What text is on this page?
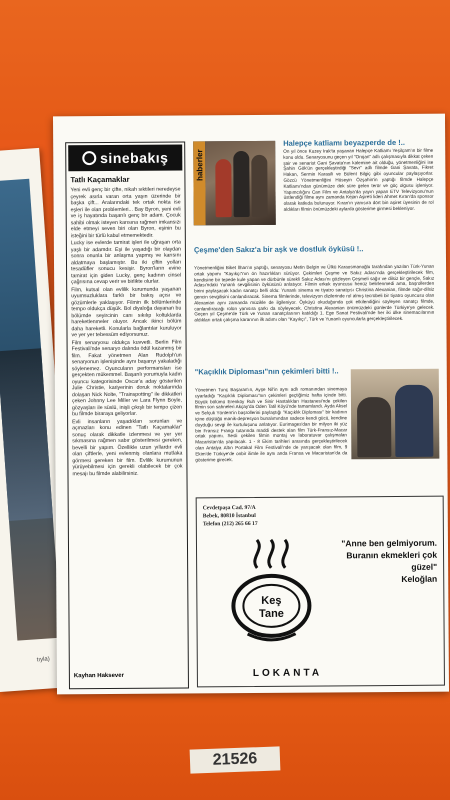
tıyla)
sinebakış
Tatlı Kaçamaklar

Yeni evli genç bir çifte, nikah sıktileri neredeyse çeyrek asırla varan orta yaşın üzerinde bir başka çift... Aralarındaki tek ortak nokta ise eşleri ile olan problemleri... Bay Byron, yeni evli ve iş hayatında başarılı genç bir adam. Çocuk sahibi olmak isteyen karısına rağmen imkansızı elde etmeyi seven biri olan Byron, eşinin bu isteğini bir türlü kabul etmemektedir.

Lucky ise evlerde tamirat işleri ile uğraşan orta yaşlı bir adamdır. Eşi ile yaşadığı bir olaydan sonra onunla bir anlaşma yapmış ve karısını aldatmaya başlamıştır. Bu iki çiftin yolları tesadüfler sonucu kesişir. Byron'ların evine tamirat için giden Lucky, genç kadının cinsel çağrısına cevap verir ve birlikte olurlar.

Film, kutsal olan evlilik kurumunda yaşanan uyumsuzluklara farklı bir bakış açısı ve gözümlerle yaklaşıyor. Filmin ilk bölümlerinde tempo oldukça düşük. Bol diyaloğa dayanan bu bölümde seyircinin canı sıkılıp koltuklarda hareketlenmeler oluyor. Ancak ikinci bölüm daha hareketli. Konularla bağlantılar kuruluyor ve yer yer tebessüm ediyorsunuz.

Film senaryosu oldukça kuvvetli. Berlin Film Festivali'nde senaryo dalında ödül kazanmış bir film. Fakat yönetmen Alan Rudolph'un senaryonun işlenişinde aynı başarıyı yakaladığı söylenemez. Oyuncuların performansları ise gerçekten mükemmel. Başarılı yorumuyla kadın oyuncu kategorisinde Oscar'a aday gösterilen Julie Christie, kariyerinin doruk noktalarında dolaşan Nick Nolte, "Trainspotting" ile dikkatleri çeken Johnny Lee Miller ve Lara Flynn Boyle, gözyaşları ile süslü, inişli çıkışlı bir tempo çizen bu filmde biraraya geliyorlar.

Evli insanların yaşadıkları sorunları ve açmazları konu edinen "Tatlı Kaçamaklar" sonuç olarak dikkatle izlenmesi ve yer yer sıkmasına rağmen sabır gösterilmesi gereken, bevelli bir yapım. Özellikle uzun yıllardır evli olan çiftlerle, yeni evlenmiş olanlara mutlaka görmesi gereken bir film. Evlilik kurumunun yürüyebilmesi için gerekli olabilecek bir çok mesajı bu filmde alabilirsiniz.

Kayhan Haksever
haberler
Halepçe katliamı beyazperde de !..
On yıl önce Kuzey Irak'ta yaşanan Halepçe Katliamı Yeşilçam'ın bir filme konu oldu. Senaryosunu geçen yıl "Orojan" adlı çalışmasıyla dikkat çeken şair ve senarist Gani Şavata'nın kalemine ait olduğu, yönetmenliğini ise Şahin Gök'ün gerçekleştirdiği "Sevr" adlı filmde Gani Şavata, Fikret Hakan, Sermin Karasili ve Bülent Bilgiç gibi oyuncular paylaşıyorlar. Gözcü Yönetmenliğini Hüseyin Özşahin'in yaptığı filmde Halepçe Katliamı'ndan günümüze dek süre gelen terör ve göç olgusu işleniyor. Yapımcılığını Can Film ve Antalya'da yayın yapan ETV Televizyonu'nun üstlendiği filme aynı zamanda Kejan Aşireti lideri Ahmet Kıran'da sponsor olarak katkıda bulunuyor. Kıran'ın yanısıra dört bin aşiret üyesinin de rol aldıkları filmin önümüzdeki aylarda gösterime girmesi bekleniyor.
Çeşme'den Sakız'a bir aşk ve dostluk öyküsü !..
Yönetmenliğini Biket İlhan'ın yaptığı, senaryosu Metin Belgin ve Ülkü Karaosmanoğlu tarafından yazılan Türk-Yunan ortak yapımı "Kayıkçı"nın ön hazırlıkları sürüyor. Çekimleri Çeşme ve Sakız Adası'nda gerçekleştirilecek film, kendisine bir tepede kule yapan ve dürbünle sürekli Sakız Adası'nı gözleyen Çeşmeli sağır ve dilsiz bir gençle, Sakız Adası'ndaki Yunanlı sevgilisinin öyküsünü anlatıyor. Filmin erkek oyuncusu henüz belirlenmedi ama, başrollerden birini paylaşacak kadın sanatçı belli oldu: Yunanlı sinema ve tiyatro sanatçısı Christina Alexanian, filmde sağır-dilsiz gencin sevgilisini canlandıracak. Sinema filmlerinde, televizyon dizilerinde rol almış tecrübeli bir tiyatro oyuncusu olan Alexanian aynı zamanda müzikle de ilgileniyor. Öyküyü okuduğunda çok etkilendiğini söyleyen sanatçı filmde, canlandıracağı rolün yanısıra şarkı da söyleyecek. Christina Alexanian önümüzdeki günlerde Türkiye'ye gelecek. Geçen yıl Çeşme'de Türk ve Yunan sanatçılarının katıldığı 1. Ege Sanat Festivali'nde her iki ülke sinemacılarının aldıkları ortak çalışma kararının ilk adımı olan "Kayıkçı", Türk ve Yunanlı oyuncularla gerçekleştirilecek.
"Kaçıklık Diploması"nın çekimleri bitti !..
Yönetmen Tunç Başaran'ın, Ayşe Nil'in aynı adlı romanından sinemaya uyarladığı "Kaçıklık Diploması"nın çekimleri geçtiğimiz hafta içinde bitti. Büyük bölümü Erenköy Ruh ve Sinir Hastalıkları Hastanesi'nde çekilen filmin son sahneleri Akçay'da Oden Tatil Köyü'nde tamamlandı. Ayda Aksel ve Selçuk Yöntem'in başrollerini paylaştığı "Kaçıklık Diploması" bir kadının içine düştüğü manik-depresyon bunalımından sadece kendi gücü, kendine duyduğu sevgi ile kurtuluşunu anlatıyor. Eurimages'dan bir milyon iki yüz bin Fransız Frangı tutarında maddi destek alan film Türk-Fransız-Macar ortak yapımı. Sesli çekilen filmin montaj ve laboratuvar çalışmaları Macaristan'da yapılacak. 1 - 8 Ekim tarihleri arasında gerçekleştirilecek olan Antalya Altın Portakal Film Festivali'nde de yarışacak olan film, 9 Ekim'de Türkiye'de onbir ilimle ile aynı anda Fransa ve Macaristan'da da gösterime girecek.
Cevdetpaşa Cad. 97/A
Bebek, 80810 İstanbul
Telefon (212) 265 66 17
Keş
Tane
"Anne ben gelmiyorum. Buranın ekmekleri çok güzel"
Keloğlan
LOKANTA
21526
